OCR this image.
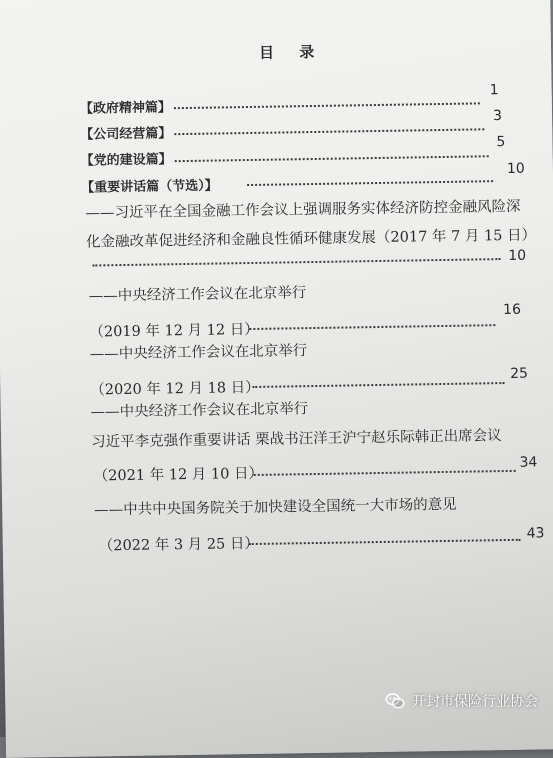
目 录
【政府精神篇】
1
【公司经营篇】
3
【党的建设篇】
5
【重要讲话篇（节选）】
10
——习近平在全国金融工作会议上强调服务实体经济防控金融风险深
化金融改革促进经济和金融良性循环健康发展（2017 年 7 月 15 日）
10
——中央经济工作会议在北京举行
（2019 年 12 月 12 日）
16
——中央经济工作会议在北京举行
（2020 年 12 月 18 日）
25
——中央经济工作会议在北京举行
习近平李克强作重要讲话 栗战书汪洋王沪宁赵乐际韩正出席会议
（2021 年 12 月 10 日）
34
——中共中央国务院关于加快建设全国统一大市场的意见
（2022 年 3 月 25 日）
43
开封市保险行业协会
